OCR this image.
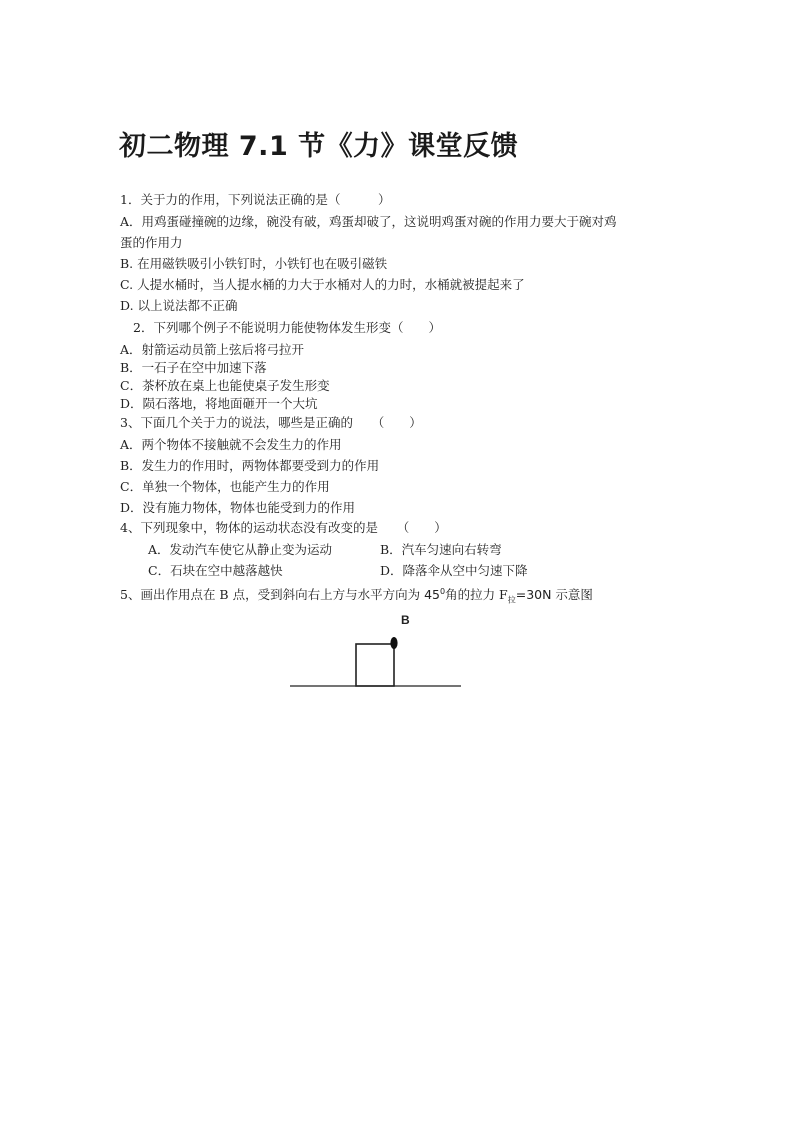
初二物理 7.1 节《力》课堂反馈
1．关于力的作用，下列说法正确的是（　　　）
A．用鸡蛋碰撞碗的边缘，碗没有破，鸡蛋却破了，这说明鸡蛋对碗的作用力要大于碗对鸡
蛋的作用力
B. 在用磁铁吸引小铁钉时，小铁钉也在吸引磁铁
C. 人提水桶时，当人提水桶的力大于水桶对人的力时，水桶就被提起来了
D. 以上说法都不正确
2．下列哪个例子不能说明力能使物体发生形变（　　）
A．射箭运动员箭上弦后将弓拉开
B．一石子在空中加速下落
C．茶杯放在桌上也能使桌子发生形变
D．陨石落地，将地面砸开一个大坑
3、下面几个关于力的说法，哪些是正确的　　（　　）
A．两个物体不接触就不会发生力的作用
B．发生力的作用时，两物体都要受到力的作用
C．单独一个物体，也能产生力的作用
D．没有施力物体，物体也能受到力的作用
4、下列现象中，物体的运动状态没有改变的是　　（　　）
A．发动汽车使它从静止变为运动	B．汽车匀速向右转弯
C．石块在空中越落越快	D．降落伞从空中匀速下降
5、画出作用点在 B 点，受到斜向右上方与水平方向为 $45^0$角的拉力 $F_拉=30N$ 示意图
B
